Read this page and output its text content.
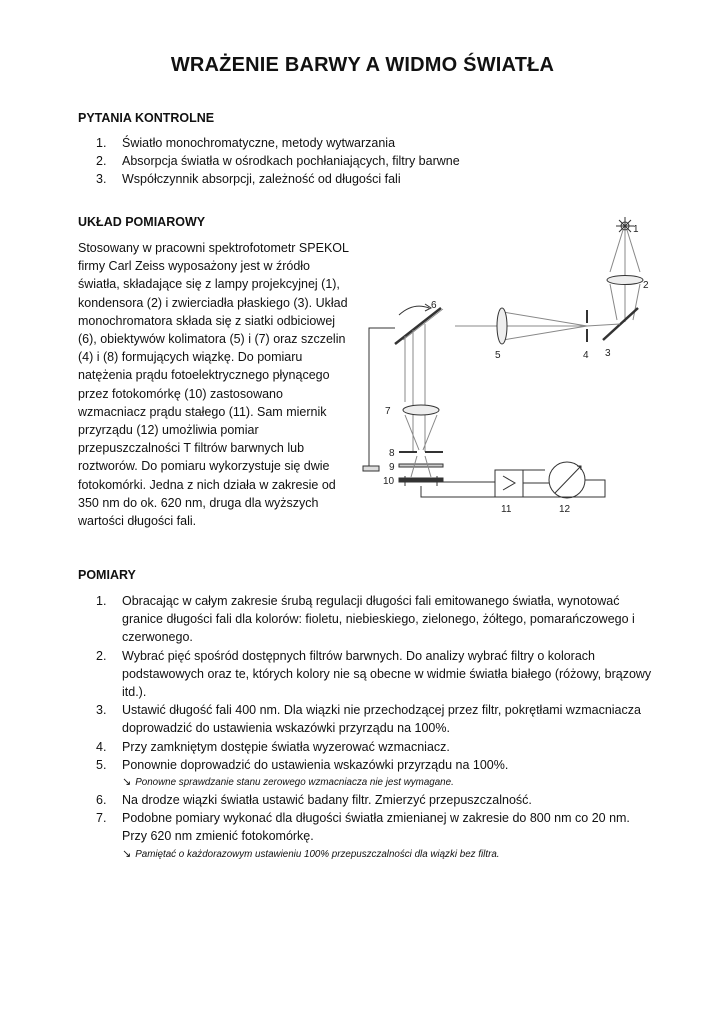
WRAŻENIE BARWY A WIDMO ŚWIATŁA
PYTANIA KONTROLNE
1. Światło monochromatyczne, metody wytwarzania
2. Absorpcja światła w ośrodkach pochłaniających, filtry barwne
3. Współczynnik absorpcji, zależność od długości fali
UKŁAD POMIAROWY

Stosowany w pracowni spektrofotometr SPEKOL firmy Carl Zeiss wyposażony jest w źródło światła, składające się z lampy projekcyjnej (1), kondensora (2) i zwierciadła płaskiego (3). Układ monochromatora składa się z siatki odbiciowej (6), obiektywów kolimatora (5) i (7) oraz szczelin (4) i (8) formujących wiązkę. Do pomiaru natężenia prądu fotoelektrycznego płynącego przez fotokomórkę (10) zastosowano wzmacniacz prądu stałego (11). Sam miernik przyrządu (12) umożliwia pomiar przepuszczalności T filtrów barwnych lub roztworów. Do pomiaru wykorzystuje się dwie fotokomórki. Jedna z nich działa w zakresie od 350 nm do ok. 620 nm, druga dla wyższych wartości długości fali.

1
2
3
4
5
6
7
8
9
10
11	12
POMIARY
1. Obracając w całym zakresie śrubą regulacji długości fali emitowanego światła, wynotować granice długości fali dla kolorów: fioletu, niebieskiego, zielonego, żółtego, pomarańczowego i czerwonego.
2. Wybrać pięć spośród dostępnych filtrów barwnych. Do analizy wybrać filtry o kolorach podstawowych oraz te, których kolory nie są obecne w widmie światła białego (różowy, brązowy itd.).
3. Ustawić długość fali 400 nm. Dla wiązki nie przechodzącej przez filtr, pokrętłami wzmacniacza doprowadzić do ustawienia wskazówki przyrządu na 100%.
4. Przy zamkniętym dostępie światła wyzerować wzmacniacz.
5. Ponownie doprowadzić do ustawienia wskazówki przyrządu na 100%.
↘ Ponowne sprawdzanie stanu zerowego wzmacniacza nie jest wymagane.
6. Na drodze wiązki światła ustawić badany filtr. Zmierzyć przepuszczalność.
7. Podobne pomiary wykonać dla długości światła zmienianej w zakresie do 800 nm co 20 nm. Przy 620 nm zmienić fotokomórkę.
↘ Pamiętać o każdorazowym ustawieniu 100% przepuszczalności dla wiązki bez filtra.
